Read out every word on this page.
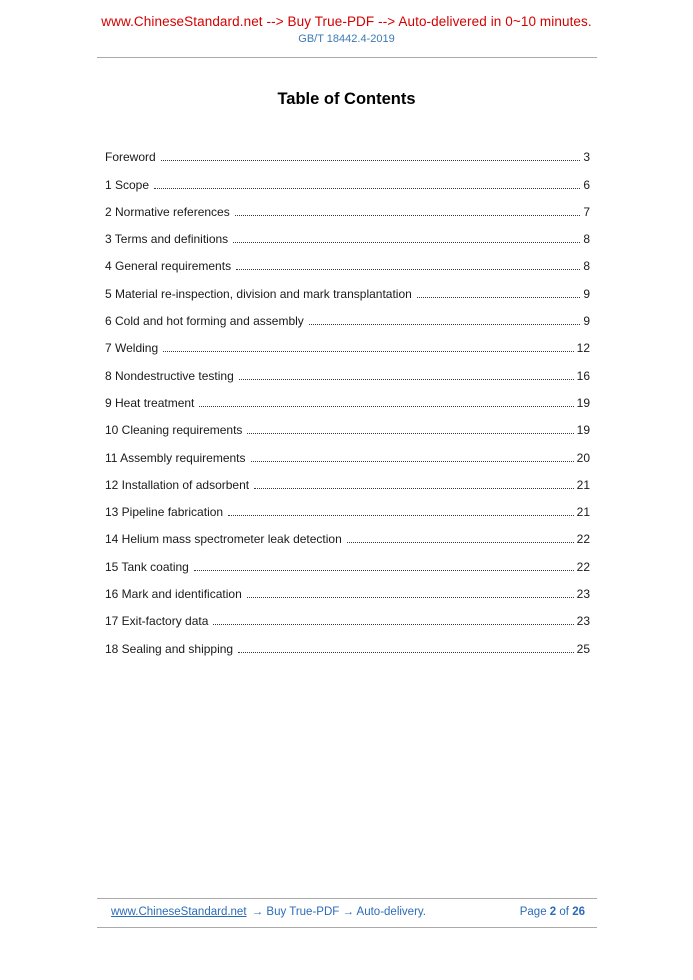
www.ChineseStandard.net --> Buy True-PDF --> Auto-delivered in 0~10 minutes.
GB/T 18442.4-2019
Table of Contents
Foreword	3
1 Scope	6
2 Normative references	7
3 Terms and definitions	8
4 General requirements	8
5 Material re-inspection, division and mark transplantation	9
6 Cold and hot forming and assembly	9
7 Welding	12
8 Nondestructive testing	16
9 Heat treatment	19
10 Cleaning requirements	19
11 Assembly requirements	20
12 Installation of adsorbent	21
13 Pipeline fabrication	21
14 Helium mass spectrometer leak detection	22
15 Tank coating	22
16 Mark and identification	23
17 Exit-factory data	23
18 Sealing and shipping	25
www.ChineseStandard.net → Buy True-PDF → Auto-delivery.	Page 2 of 26
